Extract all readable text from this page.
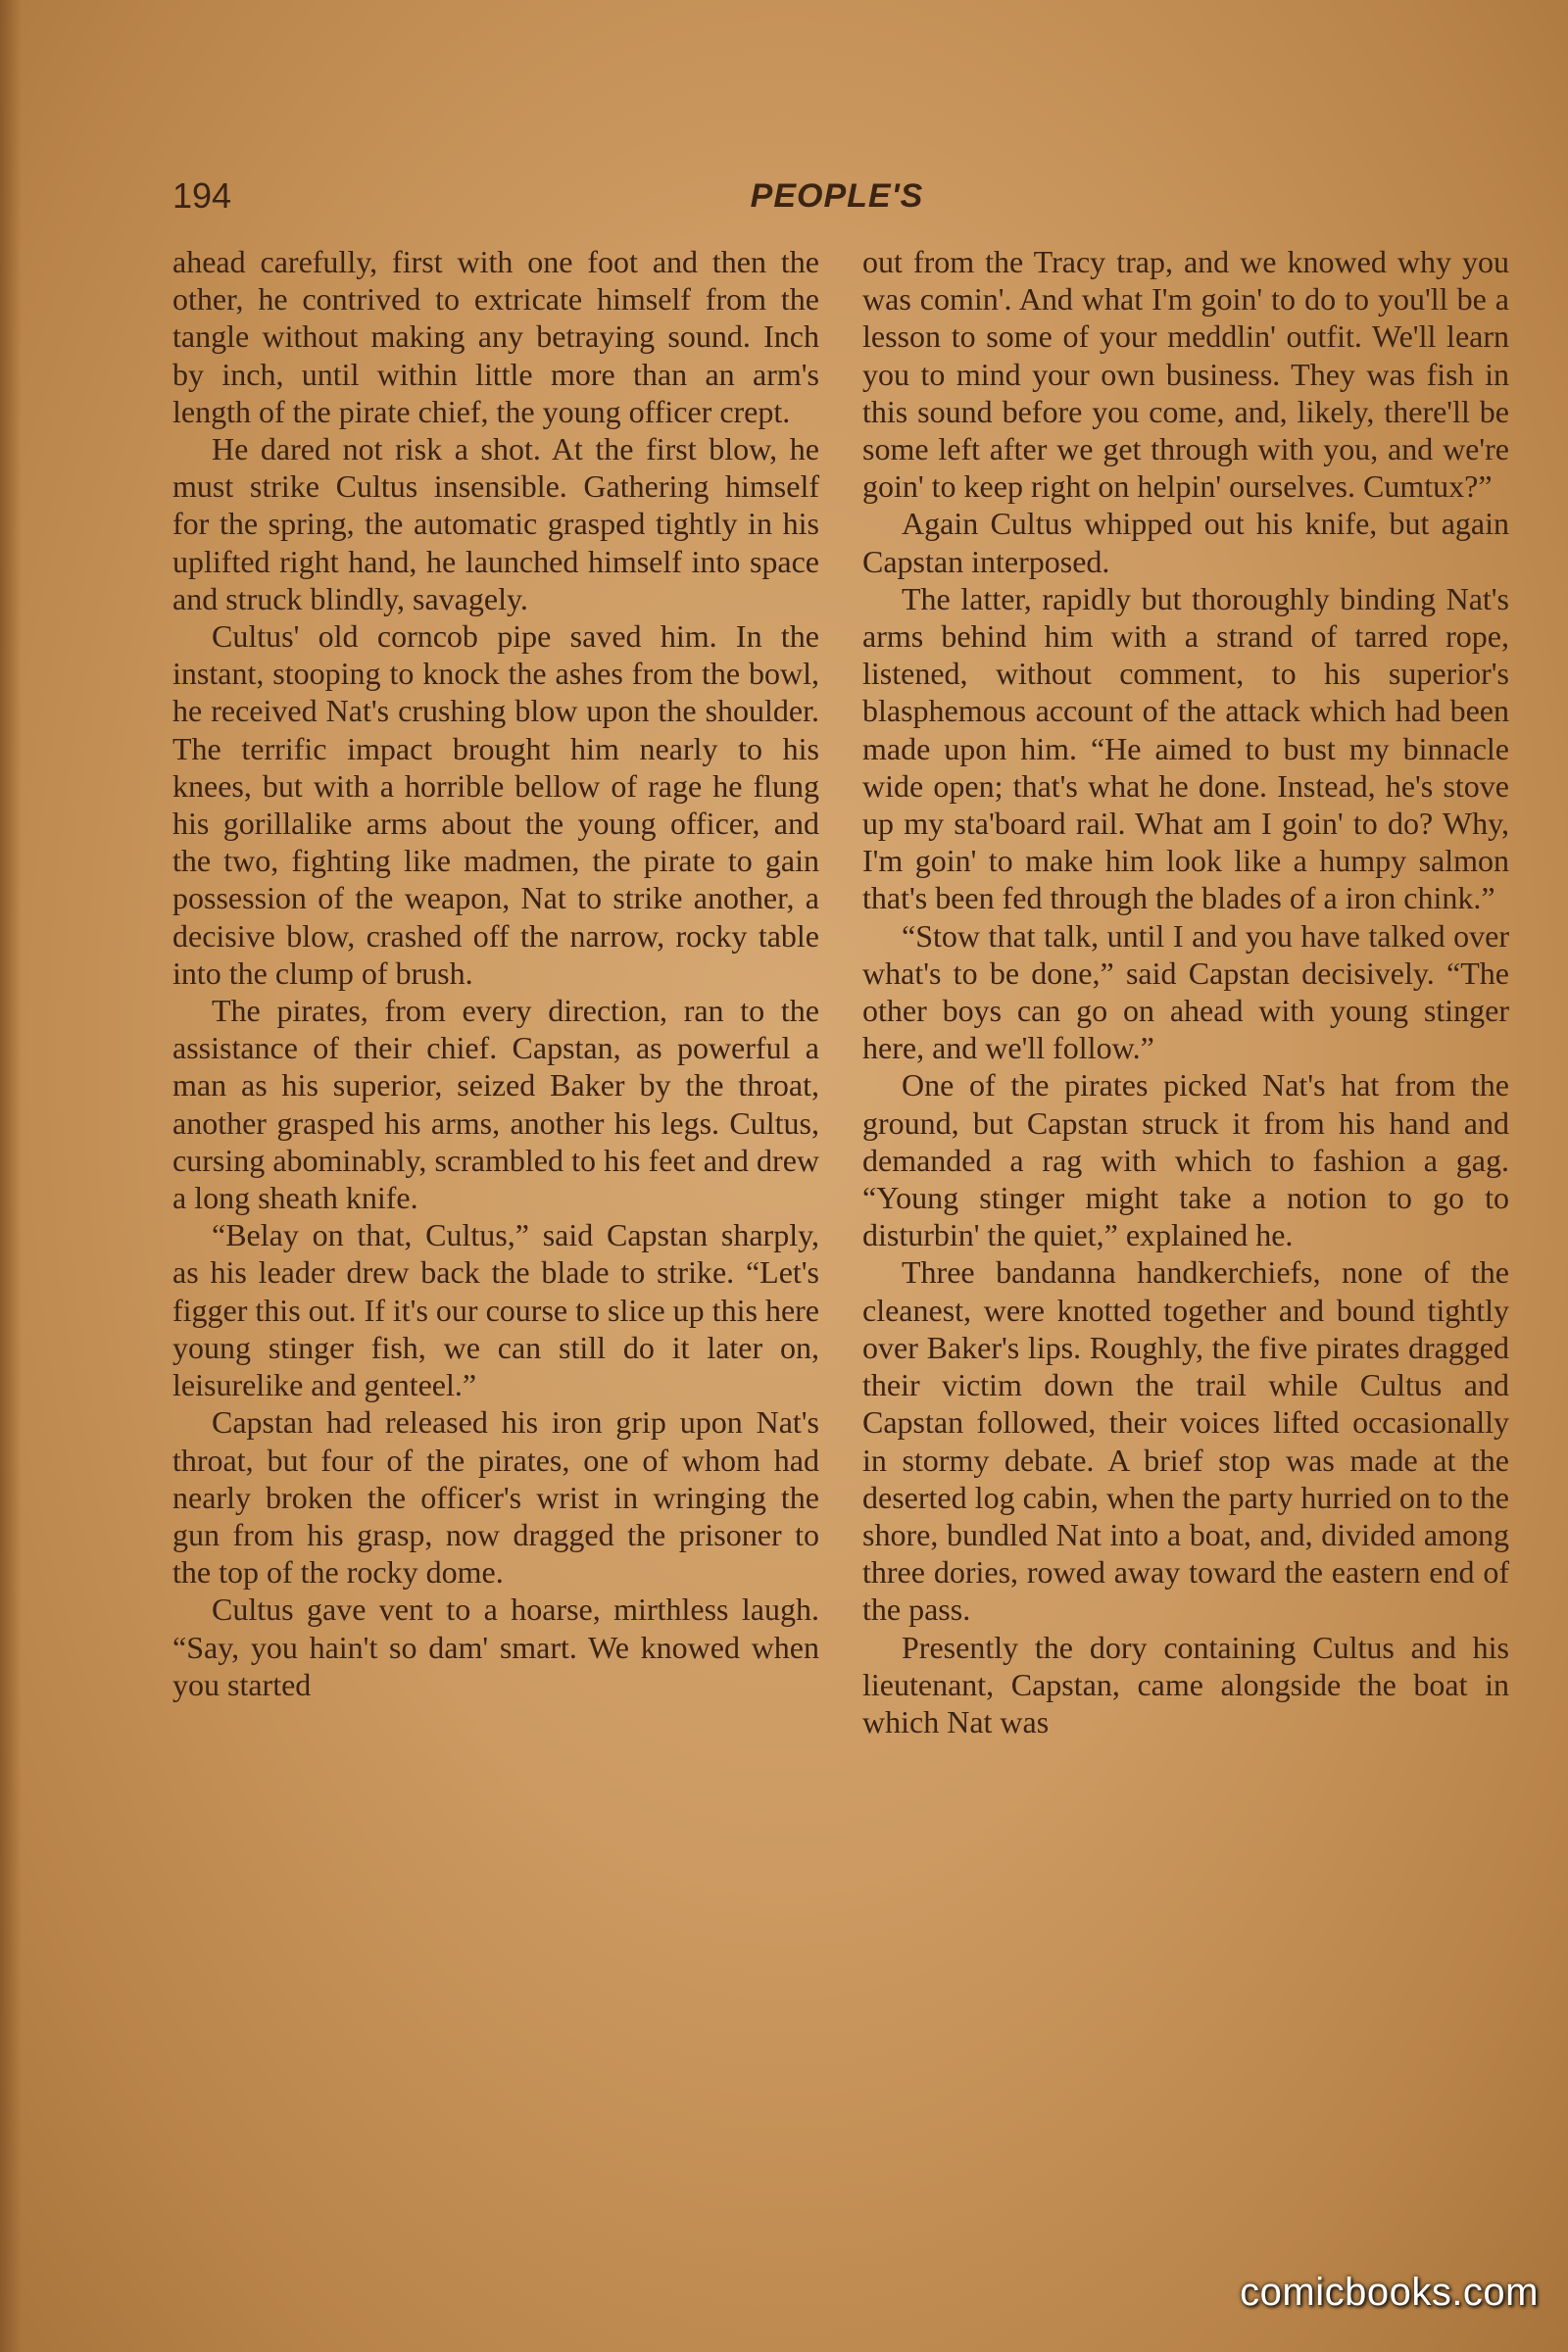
194	PEOPLE'S

ahead carefully, first with one foot and then the other, he contrived to extricate himself from the tangle without making any betraying sound. Inch by inch, until within little more than an arm's length of the pirate chief, the young officer crept.

He dared not risk a shot. At the first blow, he must strike Cultus insensible. Gathering himself for the spring, the automatic grasped tightly in his uplifted right hand, he launched himself into space and struck blindly, savagely.

Cultus' old corncob pipe saved him. In the instant, stooping to knock the ashes from the bowl, he received Nat's crushing blow upon the shoulder. The terrific impact brought him nearly to his knees, but with a horrible bellow of rage he flung his gorillalike arms about the young officer, and the two, fighting like madmen, the pirate to gain possession of the weapon, Nat to strike another, a decisive blow, crashed off the narrow, rocky table into the clump of brush.

The pirates, from every direction, ran to the assistance of their chief. Capstan, as powerful a man as his superior, seized Baker by the throat, another grasped his arms, another his legs. Cultus, cursing abominably, scrambled to his feet and drew a long sheath knife.

“Belay on that, Cultus,” said Capstan sharply, as his leader drew back the blade to strike. “Let's figger this out. If it's our course to slice up this here young stinger fish, we can still do it later on, leisurelike and genteel.”

Capstan had released his iron grip upon Nat's throat, but four of the pirates, one of whom had nearly broken the officer's wrist in wringing the gun from his grasp, now dragged the prisoner to the top of the rocky dome.

Cultus gave vent to a hoarse, mirthless laugh. “Say, you hain't so dam' smart. We knowed when you started

out from the Tracy trap, and we knowed why you was comin'. And what I'm goin' to do to you'll be a lesson to some of your meddlin' outfit. We'll learn you to mind your own business. They was fish in this sound before you come, and, likely, there'll be some left after we get through with you, and we're goin' to keep right on helpin' ourselves. Cumtux?”

Again Cultus whipped out his knife, but again Capstan interposed.

The latter, rapidly but thoroughly binding Nat's arms behind him with a strand of tarred rope, listened, without comment, to his superior's blasphemous account of the attack which had been made upon him. “He aimed to bust my binnacle wide open; that's what he done. Instead, he's stove up my sta'board rail. What am I goin' to do? Why, I'm goin' to make him look like a humpy salmon that's been fed through the blades of a iron chink.”

“Stow that talk, until I and you have talked over what's to be done,” said Capstan decisively. “The other boys can go on ahead with young stinger here, and we'll follow.”

One of the pirates picked Nat's hat from the ground, but Capstan struck it from his hand and demanded a rag with which to fashion a gag. “Young stinger might take a notion to go to disturbin' the quiet,” explained he.

Three bandanna handkerchiefs, none of the cleanest, were knotted together and bound tightly over Baker's lips. Roughly, the five pirates dragged their victim down the trail while Cultus and Capstan followed, their voices lifted occasionally in stormy debate. A brief stop was made at the deserted log cabin, when the party hurried on to the shore, bundled Nat into a boat, and, divided among three dories, rowed away toward the eastern end of the pass.

Presently the dory containing Cultus and his lieutenant, Capstan, came alongside the boat in which Nat was

comicbooks.com
